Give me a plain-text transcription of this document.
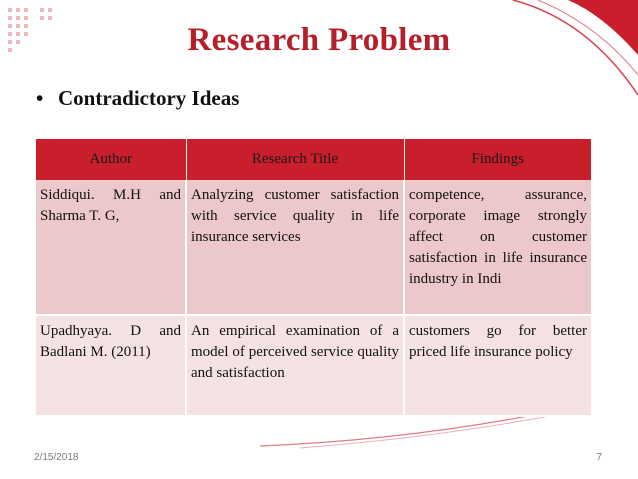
Research Problem
• Contradictory Ideas
Author	Research Title	Findings
Siddiqui. M.H and Sharma T. G,	Analyzing customer satisfaction with service quality in life insurance services	competence, assurance, corporate image strongly affect on customer satisfaction in life insurance industry in Indi
Upadhyaya. D and Badlani M. (2011)	An empirical examination of a model of perceived service quality and satisfaction	customers go for better priced life insurance policy
2/15/2018	7
